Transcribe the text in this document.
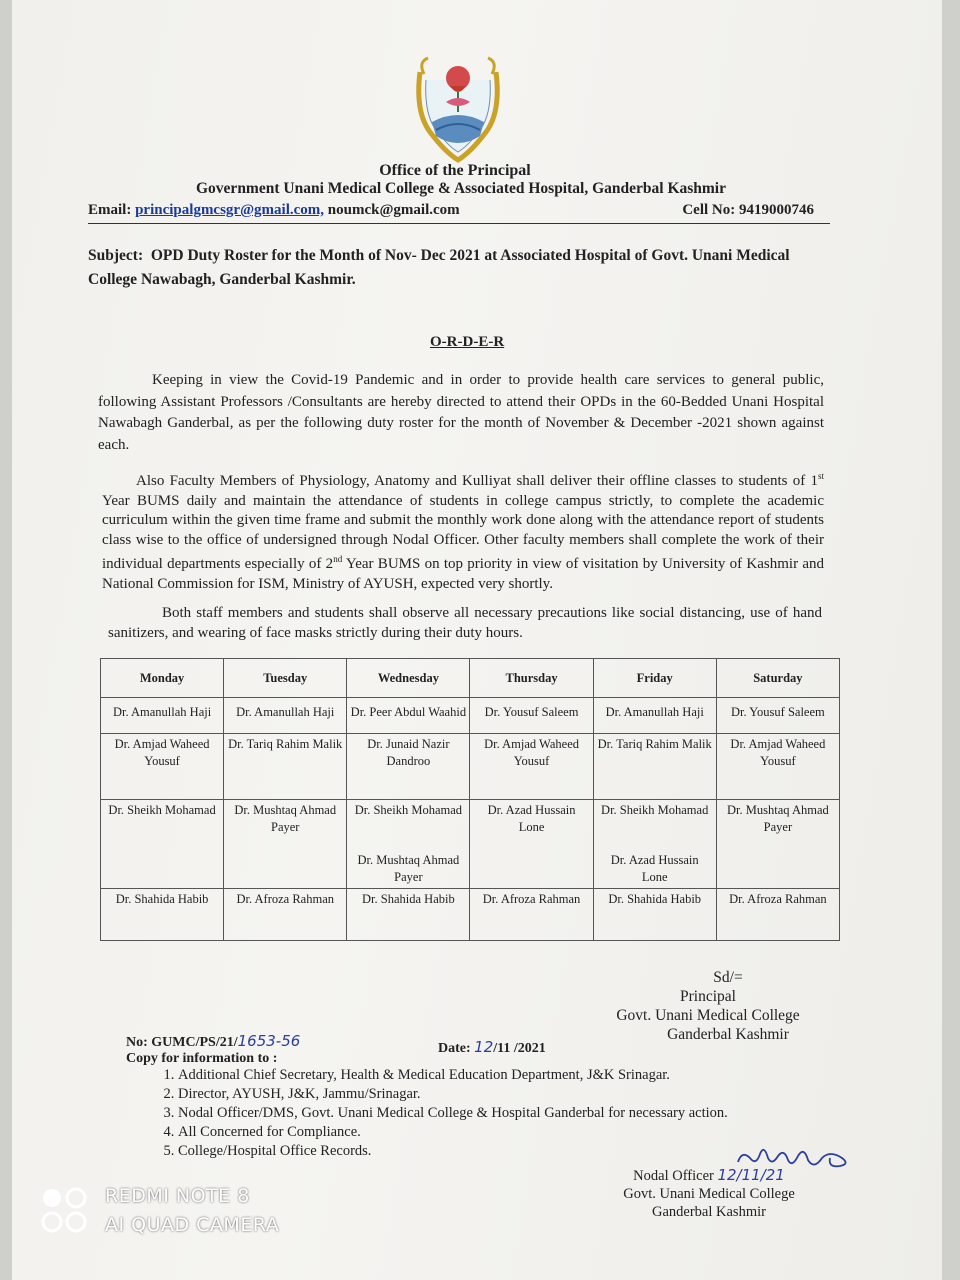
Office of the Principal
Government Unani Medical College & Associated Hospital, Ganderbal Kashmir
Email: principalgmcsgr@gmail.com, noumck@gmail.com	Cell No: 9419000746
Subject: OPD Duty Roster for the Month of Nov- Dec 2021 at Associated Hospital of Govt. Unani Medical College Nawabagh, Ganderbal Kashmir.
O-R-D-E-R
Keeping in view the Covid-19 Pandemic and in order to provide health care services to general public, following Assistant Professors /Consultants are hereby directed to attend their OPDs in the 60-Bedded Unani Hospital Nawabagh Ganderbal, as per the following duty roster for the month of November & December -2021 shown against each.
Also Faculty Members of Physiology, Anatomy and Kulliyat shall deliver their offline classes to students of 1st Year BUMS daily and maintain the attendance of students in college campus strictly, to complete the academic curriculum within the given time frame and submit the monthly work done along with the attendance report of students class wise to the office of undersigned through Nodal Officer. Other faculty members shall complete the work of their individual departments especially of 2nd Year BUMS on top priority in view of visitation by University of Kashmir and National Commission for ISM, Ministry of AYUSH, expected very shortly.
Both staff members and students shall observe all necessary precautions like social distancing, use of hand sanitizers, and wearing of face masks strictly during their duty hours.
Monday	Tuesday	Wednesday	Thursday	Friday	Saturday
Dr. Amanullah Haji	Dr. Amanullah Haji	Dr. Peer Abdul Waahid	Dr. Yousuf Saleem	Dr. Amanullah Haji	Dr. Yousuf Saleem
Dr. Amjad Waheed Yousuf	Dr. Tariq Rahim Malik	Dr. Junaid Nazir Dandroo	Dr. Amjad Waheed Yousuf	Dr. Tariq Rahim Malik	Dr. Amjad Waheed Yousuf
Dr. Sheikh Mohamad	Dr. Mushtaq Ahmad Payer	Dr. Sheikh Mohamad	Dr. Azad Hussain Lone	Dr. Sheikh Mohamad	Dr. Mushtaq Ahmad Payer
		Dr. Mushtaq Ahmad Payer		Dr. Azad Hussain Lone	
Dr. Shahida Habib	Dr. Afroza Rahman	Dr. Shahida Habib	Dr. Afroza Rahman	Dr. Shahida Habib	Dr. Afroza Rahman
Sd/=
Principal
Govt. Unani Medical College
Ganderbal Kashmir
No: GUMC/PS/21/1653-56	Date: 12/11 /2021
Copy for information to :
1. Additional Chief Secretary, Health & Medical Education Department, J&K Srinagar.
2. Director, AYUSH, J&K, Jammu/Srinagar.
3. Nodal Officer/DMS, Govt. Unani Medical College & Hospital Ganderbal for necessary action.
4. All Concerned for Compliance.
5. College/Hospital Office Records.
Nodal Officer 12/11/21
Govt. Unani Medical College
Ganderbal Kashmir
REDMI NOTE 8
AI QUAD CAMERA
